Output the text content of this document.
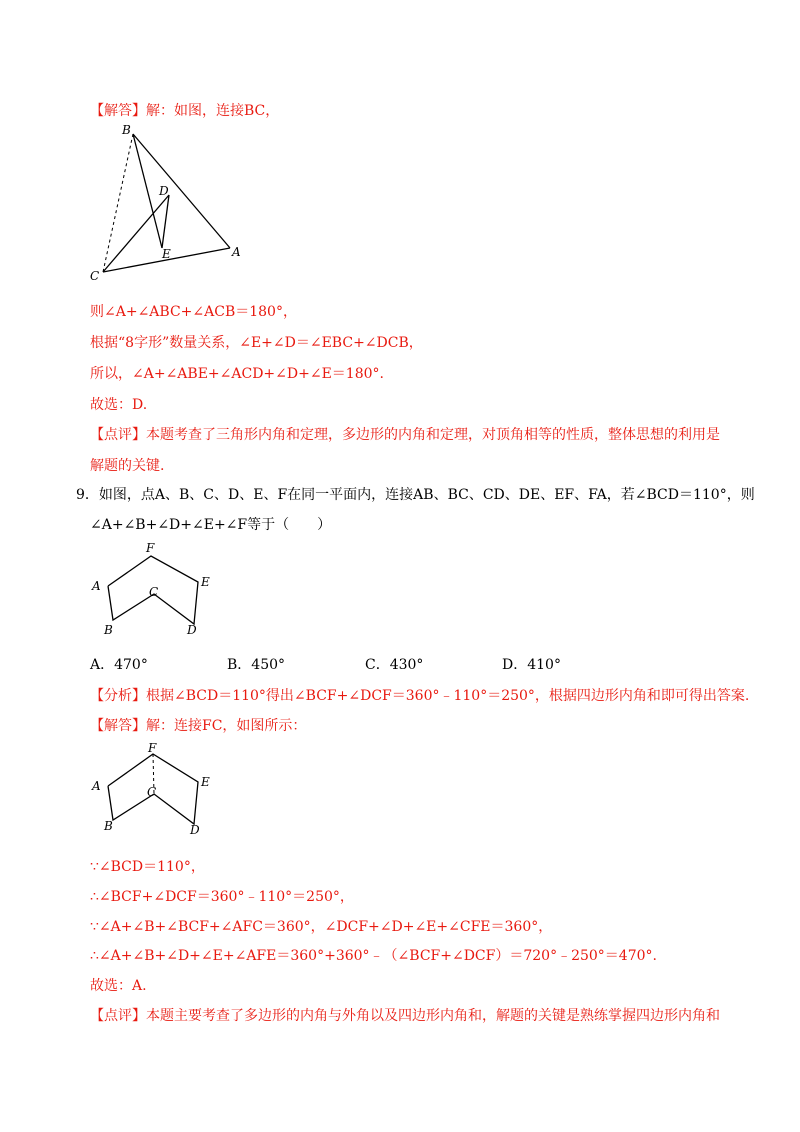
【解答】解：如图，连接BC，
B
D
E	A
C
则∠A+∠ABC+∠ACB＝180°，
根据“8字形”数量关系，∠E+∠D＝∠EBC+∠DCB，
所以，∠A+∠ABE+∠ACD+∠D+∠E＝180°.
故选：D.
【点评】本题考查了三角形内角和定理，多边形的内角和定理，对顶角相等的性质，整体思想的利用是
解题的关键.
9．如图，点A、B、C、D、E、F在同一平面内，连接AB、BC、CD、DE、EF、FA，若∠BCD＝110°，则
∠A+∠B+∠D+∠E+∠F等于（　　）
F
A	E
C
B	D
A．470°	B．450°	C．430°	D．410°
【分析】根据∠BCD＝110°得出∠BCF+∠DCF＝360°﹣110°＝250°，根据四边形内角和即可得出答案.
【解答】解：连接FC，如图所示：
F
A	E
C
B	D
∵∠BCD＝110°，
∴∠BCF+∠DCF＝360°﹣110°＝250°，
∵∠A+∠B+∠BCF+∠AFC＝360°，∠DCF+∠D+∠E+∠CFE＝360°，
∴∠A+∠B+∠D+∠E+∠AFE＝360°+360°﹣（∠BCF+∠DCF）＝720°﹣250°＝470°.
故选：A.
【点评】本题主要考查了多边形的内角与外角以及四边形内角和，解题的关键是熟练掌握四边形内角和
